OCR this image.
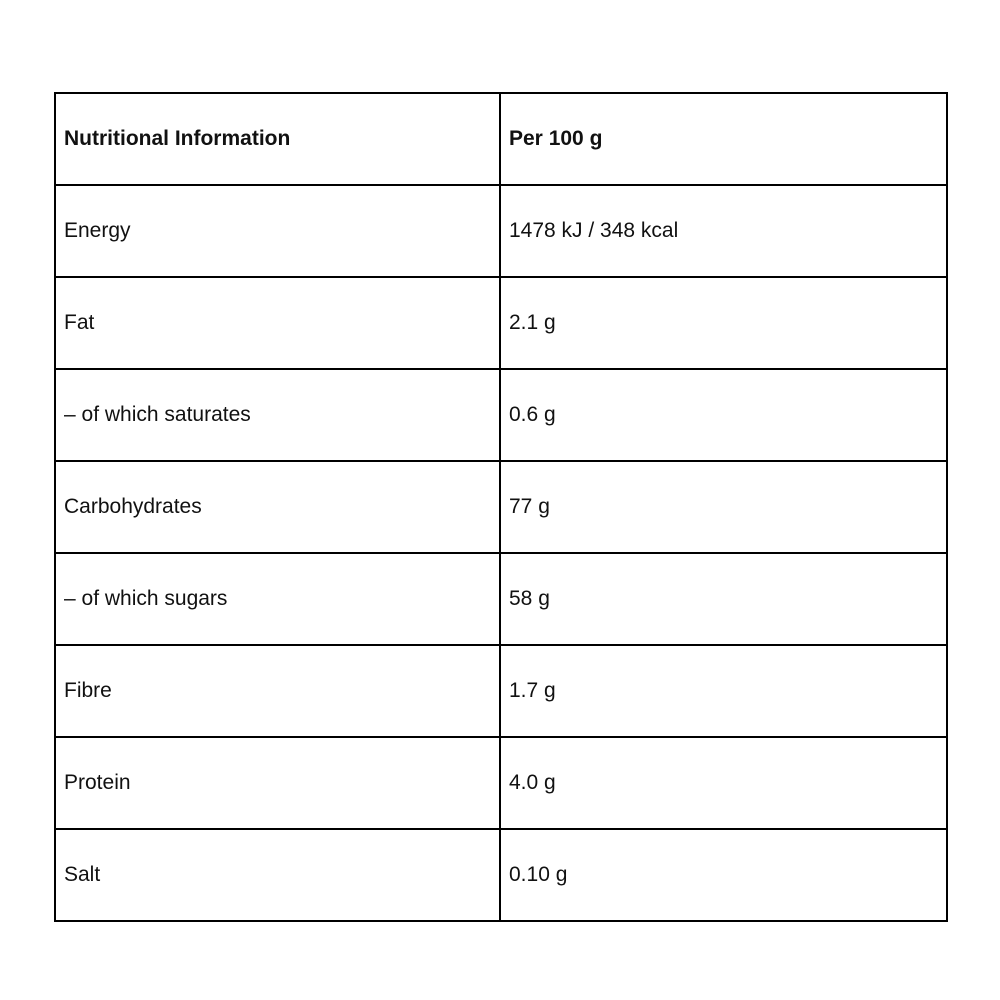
Nutritional Information	Per 100 g
Energy	1478 kJ / 348 kcal
Fat	2.1 g
– of which saturates	0.6 g
Carbohydrates	77 g
– of which sugars	58 g
Fibre	1.7 g
Protein	4.0 g
Salt	0.10 g
